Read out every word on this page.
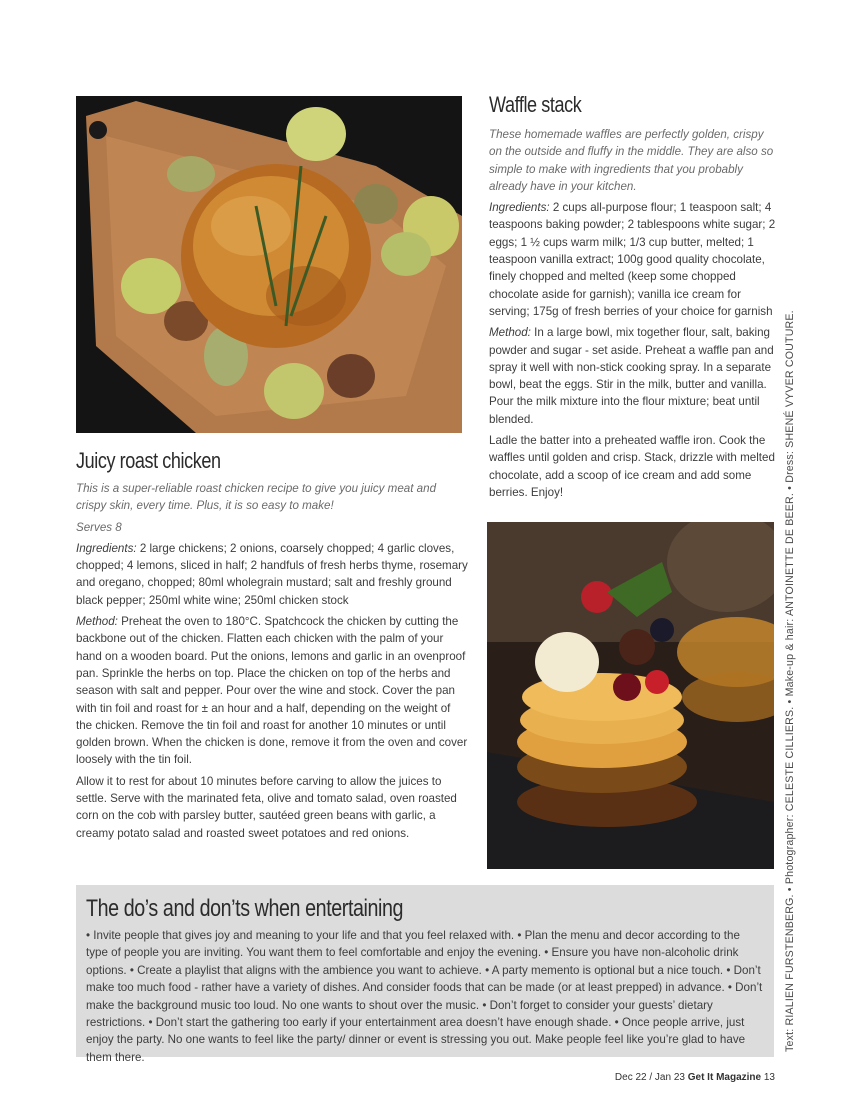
Waffle stack

These homemade waffles are perfectly golden, crispy on the outside and fluffy in the middle. They are also so simple to make with ingredients that you probably already have in your kitchen.

Ingredients: 2 cups all-purpose flour; 1 teaspoon salt; 4 teaspoons baking powder; 2 tablespoons white sugar; 2 eggs; 1 ½ cups warm milk; 1/3 cup butter, melted; 1 teaspoon vanilla extract; 100g good quality chocolate, finely chopped and melted (keep some chopped chocolate aside for garnish); vanilla ice cream for serving; 175g of fresh berries of your choice for garnish

Method: In a large bowl, mix together flour, salt, baking powder and sugar - set aside. Preheat a waffle pan and spray it well with non-stick cooking spray. In a separate bowl, beat the eggs. Stir in the milk, butter and vanilla. Pour the milk mixture into the flour mixture; beat until blended.

Ladle the batter into a preheated waffle iron. Cook the waffles until golden and crisp. Stack, drizzle with melted chocolate, add a scoop of ice cream and add some berries. Enjoy!

Juicy roast chicken

This is a super-reliable roast chicken recipe to give you juicy meat and crispy skin, every time. Plus, it is so easy to make!

Serves 8

Ingredients: 2 large chickens; 2 onions, coarsely chopped; 4 garlic cloves, chopped; 4 lemons, sliced in half; 2 handfuls of fresh herbs thyme, rosemary and oregano, chopped; 80ml wholegrain mustard; salt and freshly ground black pepper; 250ml white wine; 250ml chicken stock

Method: Preheat the oven to 180°C. Spatchcock the chicken by cutting the backbone out of the chicken. Flatten each chicken with the palm of your hand on a wooden board. Put the onions, lemons and garlic in an ovenproof pan. Sprinkle the herbs on top. Place the chicken on top of the herbs and season with salt and pepper. Pour over the wine and stock. Cover the pan with tin foil and roast for ± an hour and a half, depending on the weight of the chicken. Remove the tin foil and roast for another 10 minutes or until golden brown. When the chicken is done, remove it from the oven and cover loosely with the tin foil.

Allow it to rest for about 10 minutes before carving to allow the juices to settle. Serve with the marinated feta, olive and tomato salad, oven roasted corn on the cob with parsley butter, sautéed green beans with garlic, a creamy potato salad and roasted sweet potatoes and red onions.

The do’s and don’ts when entertaining

• Invite people that gives joy and meaning to your life and that you feel relaxed with. • Plan the menu and decor according to the type of people you are inviting. You want them to feel comfortable and enjoy the evening. • Ensure you have non-alcoholic drink options. • Create a playlist that aligns with the ambience you want to achieve. • A party memento is optional but a nice touch. • Don’t make too much food - rather have a variety of dishes. And consider foods that can be made (or at least prepped) in advance. • Don’t make the background music too loud. No one wants to shout over the music. • Don’t forget to consider your guests’ dietary restrictions. • Don’t start the gathering too early if your entertainment area doesn’t have enough shade. • Once people arrive, just enjoy the party. No one wants to feel like the party/ dinner or event is stressing you out. Make people feel like you’re glad to have them there.

Text: RIALIEN FURSTENBERG. • Photographer: CELESTE CILLIERS. • Make-up & hair: ANTOINETTE DE BEER. • Dress: SHENÉ VYVER COUTURE.
Dec 22 / Jan 23 Get It Magazine 13
